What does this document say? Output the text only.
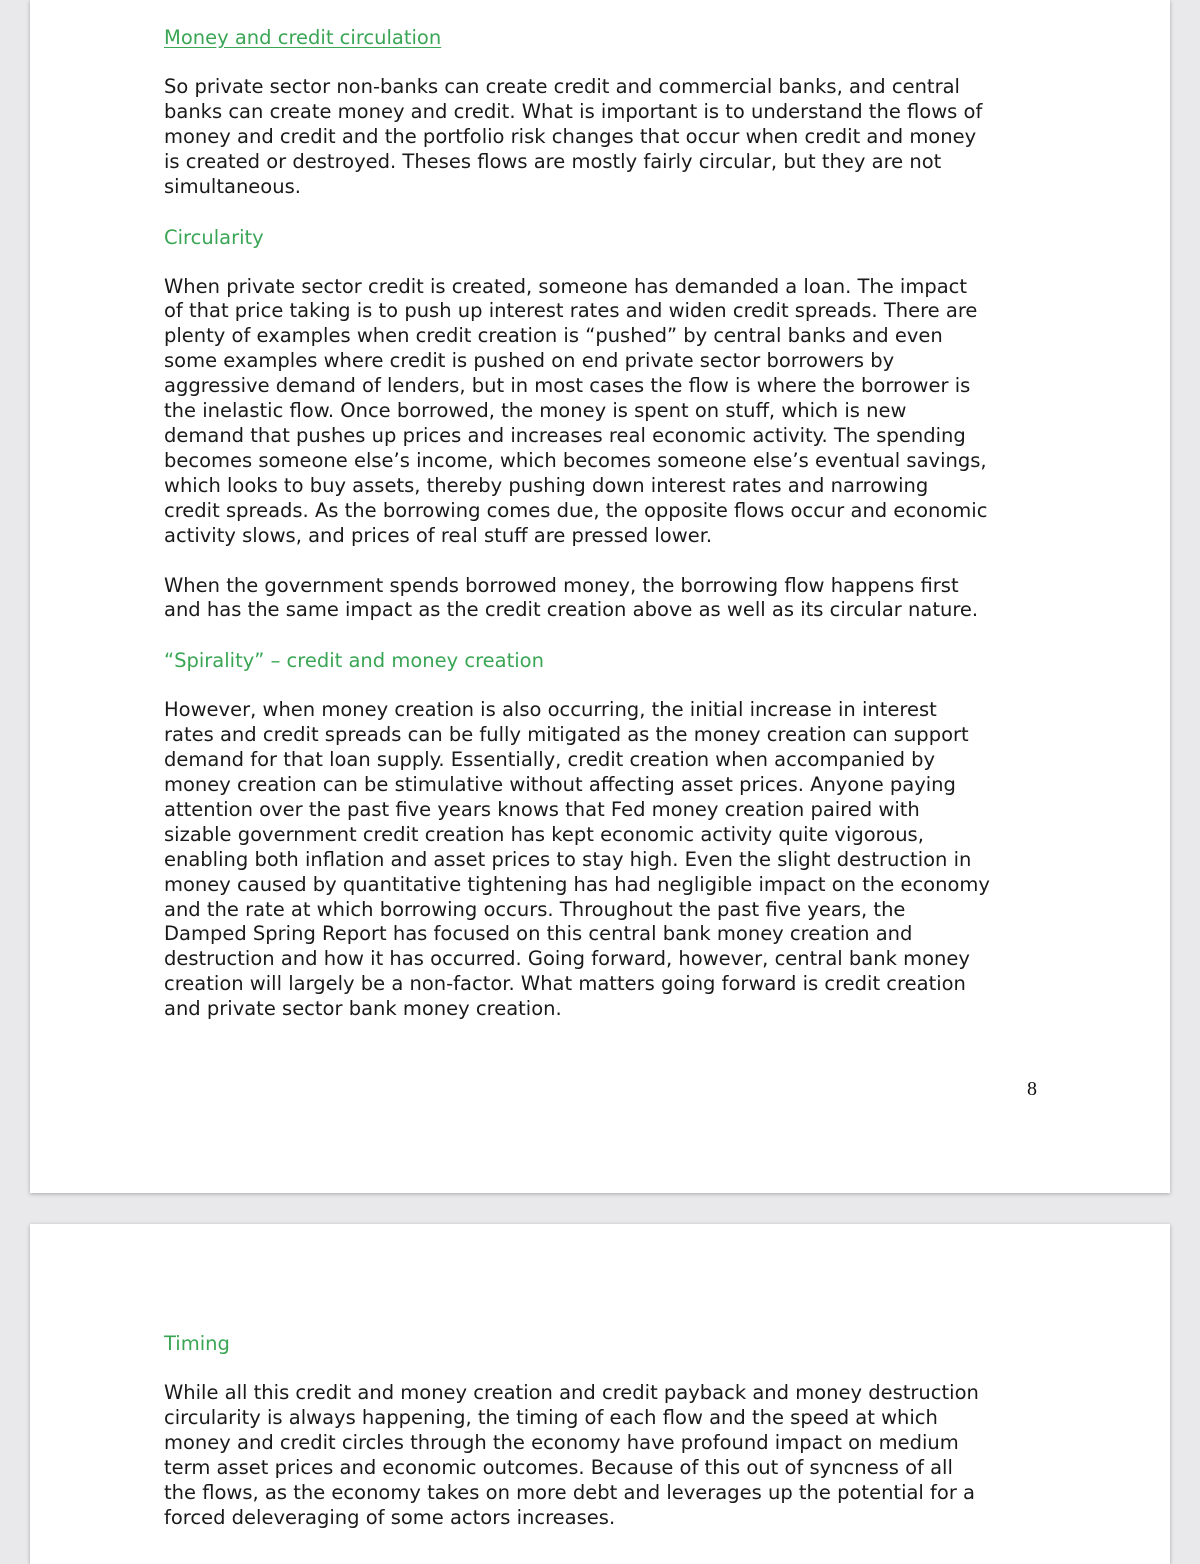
Money and credit circulation

So private sector non-banks can create credit and commercial banks, and central
banks can create money and credit. What is important is to understand the flows of
money and credit and the portfolio risk changes that occur when credit and money
is created or destroyed. Theses flows are mostly fairly circular, but they are not
simultaneous.

Circularity

When private sector credit is created, someone has demanded a loan. The impact
of that price taking is to push up interest rates and widen credit spreads. There are
plenty of examples when credit creation is “pushed” by central banks and even
some examples where credit is pushed on end private sector borrowers by
aggressive demand of lenders, but in most cases the flow is where the borrower is
the inelastic flow. Once borrowed, the money is spent on stuff, which is new
demand that pushes up prices and increases real economic activity. The spending
becomes someone else’s income, which becomes someone else’s eventual savings,
which looks to buy assets, thereby pushing down interest rates and narrowing
credit spreads. As the borrowing comes due, the opposite flows occur and economic
activity slows, and prices of real stuff are pressed lower.

When the government spends borrowed money, the borrowing flow happens first
and has the same impact as the credit creation above as well as its circular nature.

“Spirality” – credit and money creation

However, when money creation is also occurring, the initial increase in interest
rates and credit spreads can be fully mitigated as the money creation can support
demand for that loan supply. Essentially, credit creation when accompanied by
money creation can be stimulative without affecting asset prices. Anyone paying
attention over the past five years knows that Fed money creation paired with
sizable government credit creation has kept economic activity quite vigorous,
enabling both inflation and asset prices to stay high. Even the slight destruction in
money caused by quantitative tightening has had negligible impact on the economy
and the rate at which borrowing occurs. Throughout the past five years, the
Damped Spring Report has focused on this central bank money creation and
destruction and how it has occurred. Going forward, however, central bank money
creation will largely be a non-factor. What matters going forward is credit creation
and private sector bank money creation.

8
Timing

While all this credit and money creation and credit payback and money destruction
circularity is always happening, the timing of each flow and the speed at which
money and credit circles through the economy have profound impact on medium
term asset prices and economic outcomes. Because of this out of syncness of all
the flows, as the economy takes on more debt and leverages up the potential for a
forced deleveraging of some actors increases.
